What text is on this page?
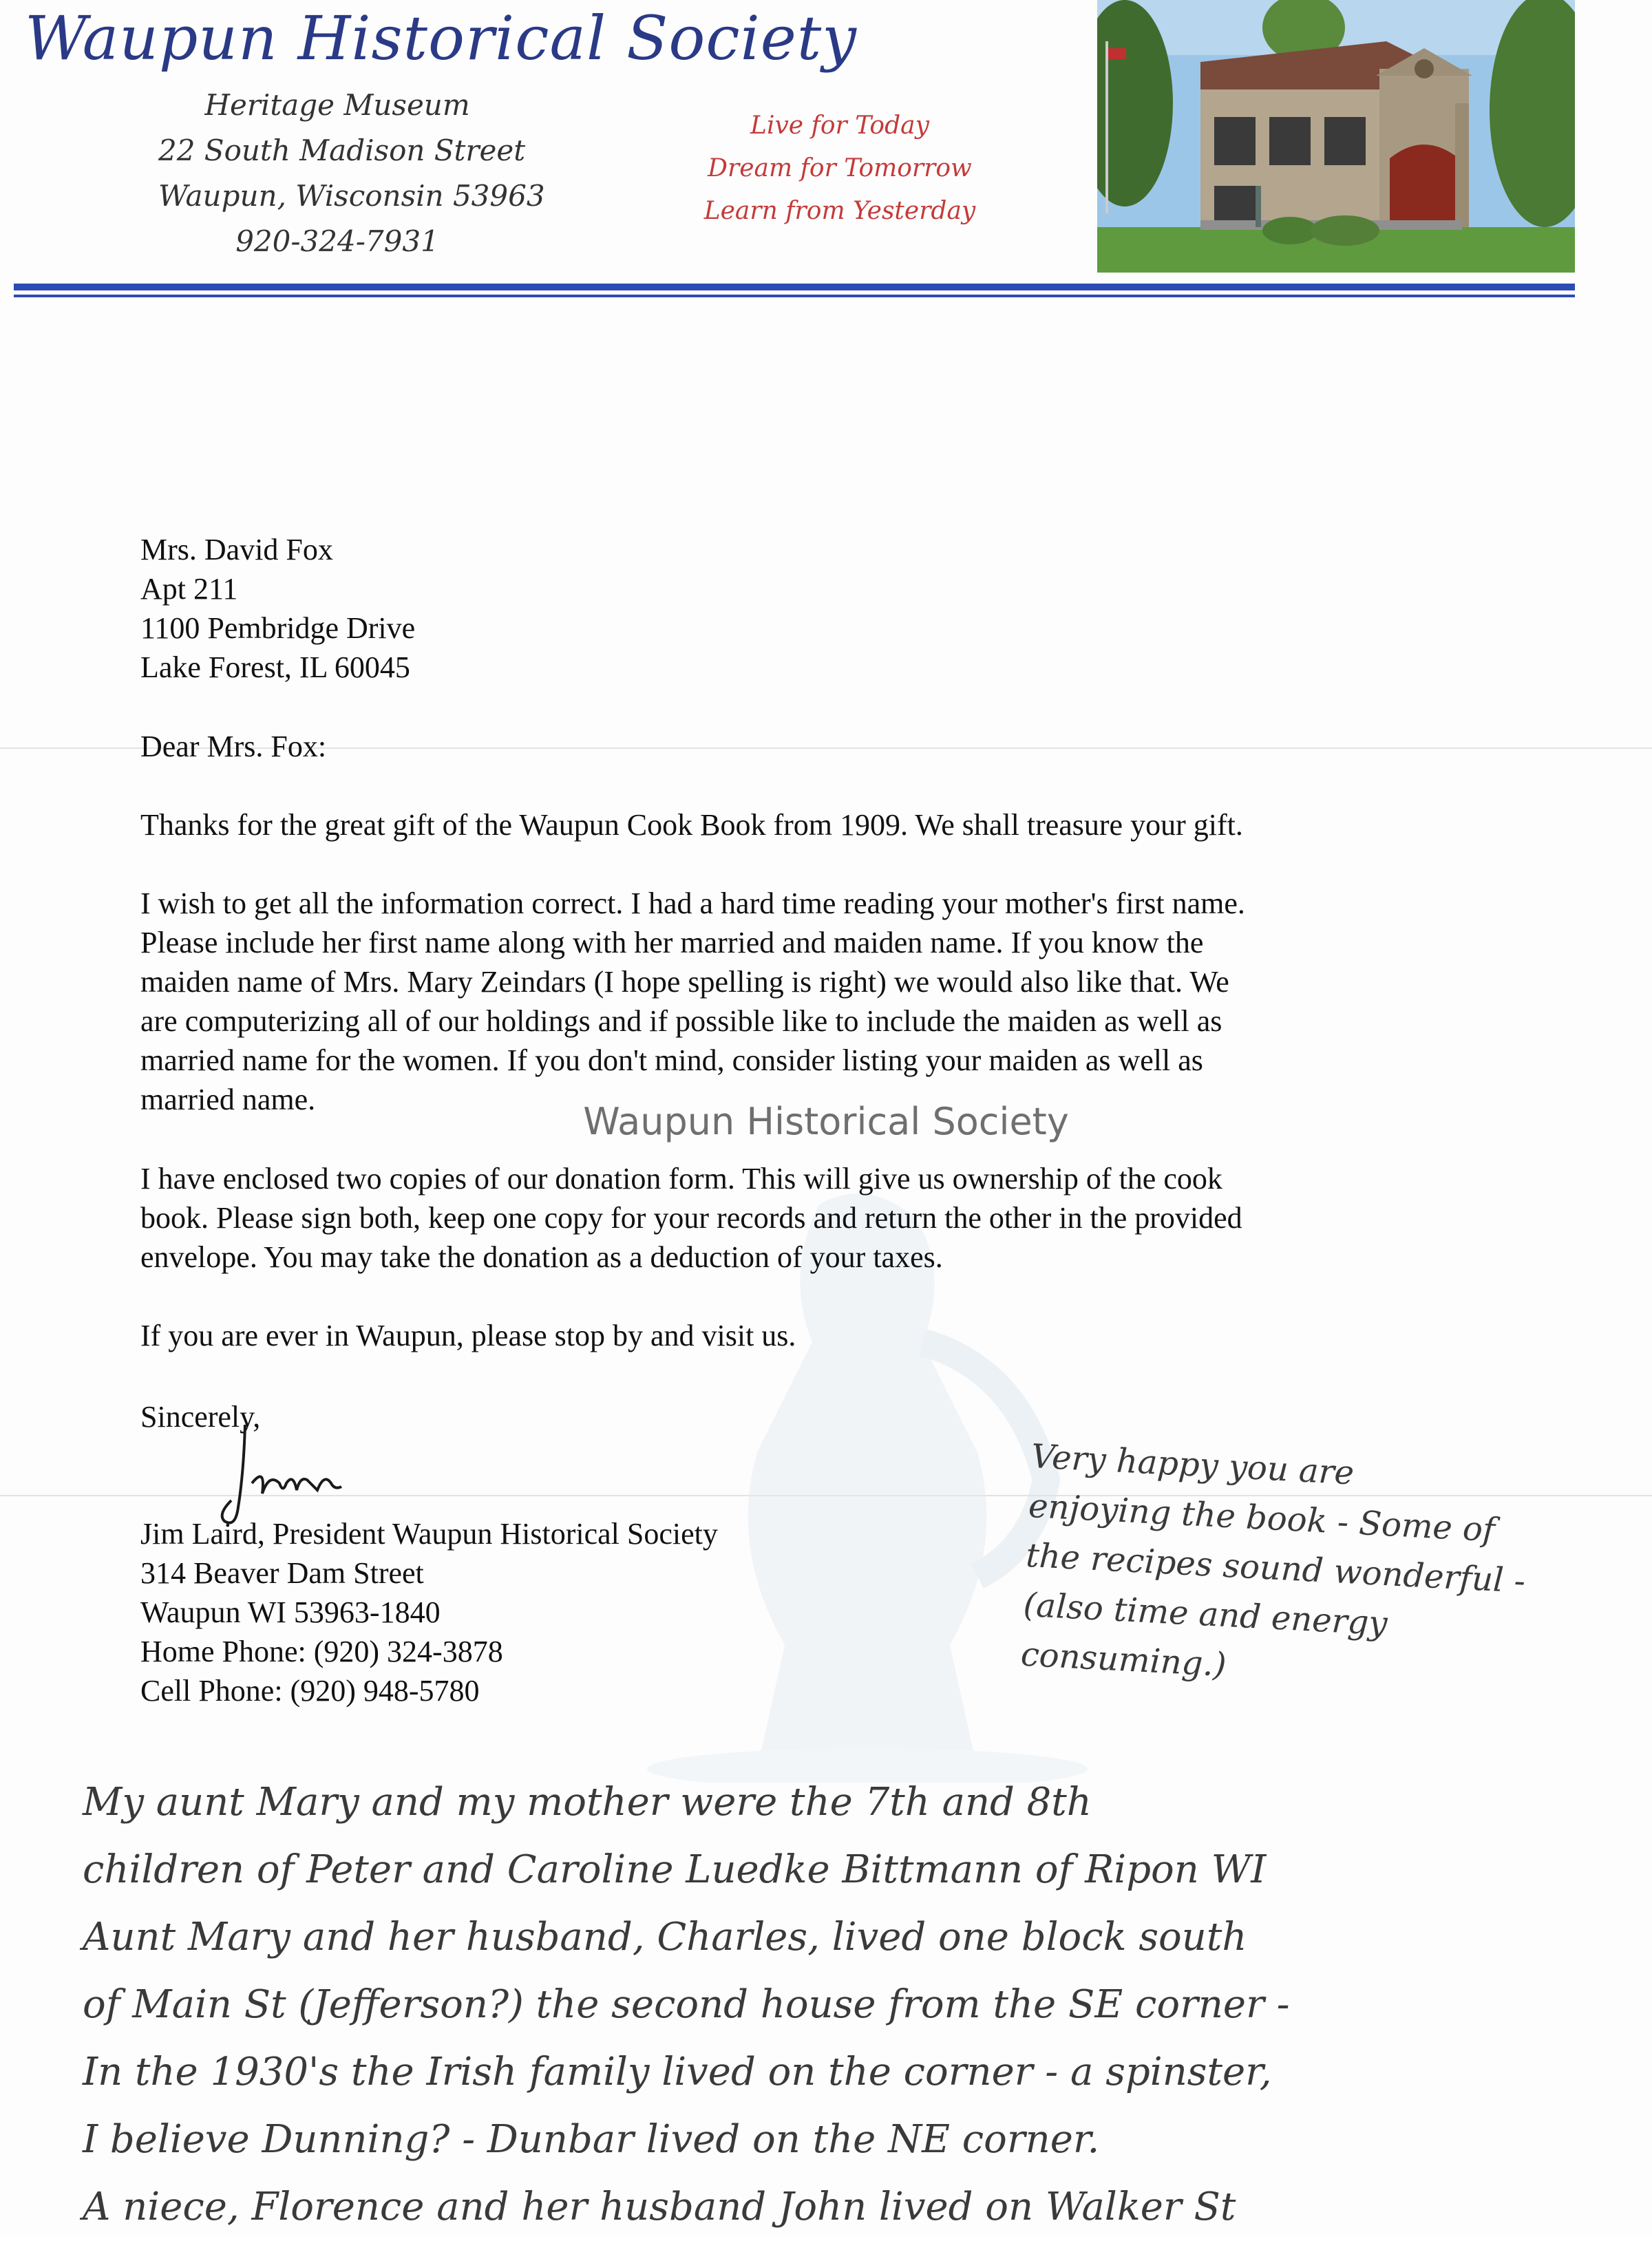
Waupun Historical Society
Heritage Museum
22 South Madison Street
Waupun, Wisconsin 53963
920-324-7931
Live for Today
Dream for Tomorrow
Learn from Yesterday
Mrs. David Fox
Apt 211
1100 Pembridge Drive
Lake Forest, IL 60045
Dear Mrs. Fox:
Thanks for the great gift of the Waupun Cook Book from 1909. We shall treasure your gift.
I wish to get all the information correct. I had a hard time reading your mother's first name.
Please include her first name along with her married and maiden name. If you know the
maiden name of Mrs. Mary Zeindars (I hope spelling is right) we would also like that. We
are computerizing all of our holdings and if possible like to include the maiden as well as
married name for the women. If you don't mind, consider listing your maiden as well as
married name.
I have enclosed two copies of our donation form. This will give us ownership of the cook
book. Please sign both, keep one copy for your records and return the other in the provided
envelope. You may take the donation as a deduction of your taxes.
If you are ever in Waupun, please stop by and visit us.
Sincerely,
Jim Laird, President Waupun Historical Society
314 Beaver Dam Street
Waupun WI 53963-1840
Home Phone: (920) 324-3878
Cell Phone: (920) 948-5780
Waupun Historical Society
Very happy you are
enjoying the book - Some of
the recipes sound wonderful -
(also time and energy
consuming.)
My aunt Mary and my mother were the 7th and 8th
children of Peter and Caroline Luedke Bittmann of Ripon WI
Aunt Mary and her husband, Charles, lived one block south
of Main St (Jefferson?) the second house from the SE corner -
In the 1930's the Irish family lived on the corner - a spinster,
I believe Dunning? - Dunbar lived on the NE corner.
A niece, Florence and her husband John lived on Walker St
